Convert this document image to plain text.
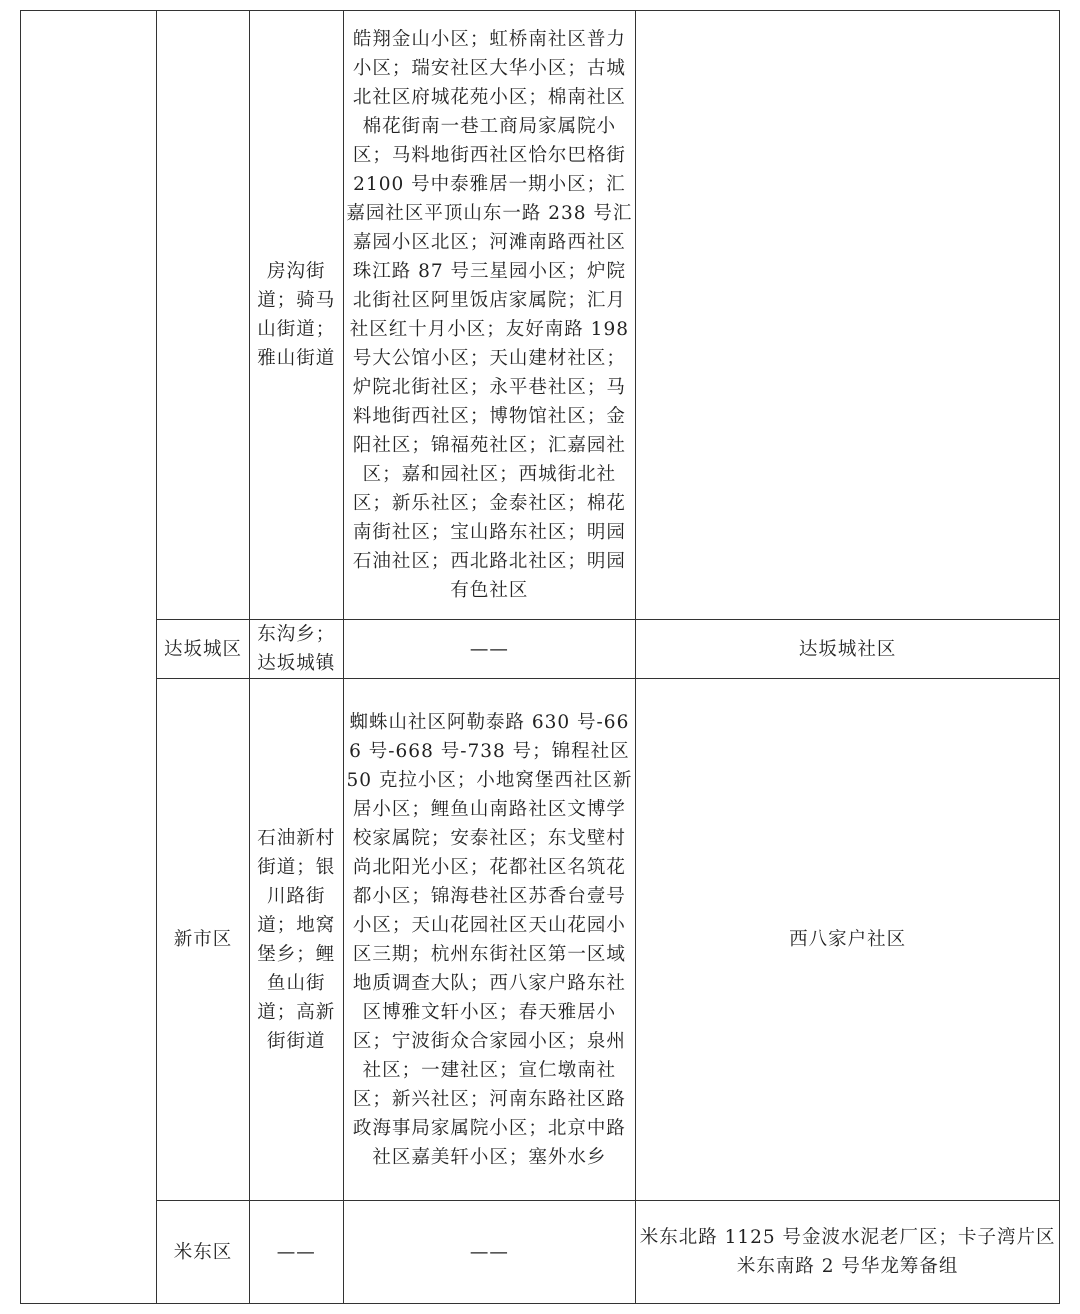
		房沟街道；骑马山街道；雅山街道	皓翔金山小区；虹桥南社区普力小区；瑞安社区大华小区；古城北社区府城花苑小区；棉南社区棉花街南一巷工商局家属院小区；马料地街西社区恰尔巴格街 2100 号中泰雅居一期小区；汇嘉园社区平顶山东一路 238 号汇嘉园小区北区；河滩南路西社区珠江路 87 号三星园小区；炉院北街社区阿里饭店家属院；汇月社区红十月小区；友好南路 198 号大公馆小区；天山建材社区；炉院北街社区；永平巷社区；马料地街西社区；博物馆社区；金阳社区；锦福苑社区；汇嘉园社区；嘉和园社区；西城街北社区；新乐社区；金泰社区；棉花南街社区；宝山路东社区；明园石油社区；西北路北社区；明园有色社区	
	达坂城区	东沟乡；达坂城镇	——	达坂城社区
	新市区	石油新村街道；银川路街道；地窝堡乡；鲤鱼山街道；高新街街道	蜘蛛山社区阿勒泰路 630 号-666 号-668 号-738 号；锦程社区 50 克拉小区；小地窝堡西社区新居小区；鲤鱼山南路社区文博学校家属院；安泰社区；东戈壁村尚北阳光小区；花都社区名筑花都小区；锦海巷社区苏香台壹号小区；天山花园社区天山花园小区三期；杭州东街社区第一区域地质调查大队；西八家户路东社区博雅文轩小区；春天雅居小区；宁波街众合家园小区；泉州社区；一建社区；宣仁墩南社区；新兴社区；河南东路社区路政海事局家属院小区；北京中路社区嘉美轩小区；塞外水乡	西八家户社区
	米东区	——	——	米东北路 1125 号金波水泥老厂区；卡子湾片区米东南路 2 号华龙筹备组
